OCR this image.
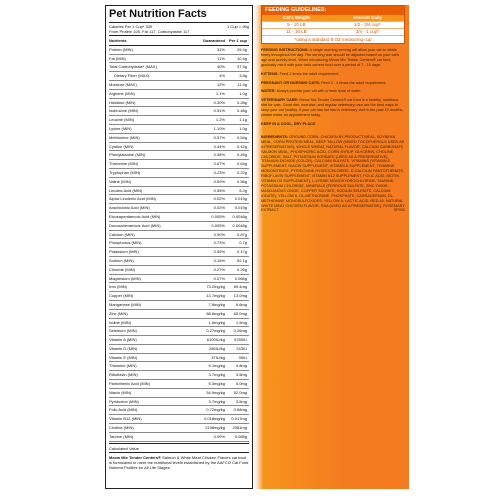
Pet Nutrition Facts
Calories Per 1 Cup* 339	1 Cup = 95g
From Protein 105, Fat 117, Carbohydrate 117
Nutrients	Guaranteed Per 1 cup
Protein (MIN)	31%	29.4g
Fat (MIN)	11%	10.4g
Total Carbohydrate* (MAX)	40%	37.9g
Dietary Fiber (MAX)	4%	3.8g
Moisture (MAX)	12%	11.4g
Arginine (MIN)	1.1%	1.0g
Histidine (MIN)	0.30%	0.28g
Isoleucine (MIN)	0.51%	0.48g
Leucine (MIN)	1.2%	1.1g
Lysine (MIN)	1.10%	1.0g
Methionine (MIN)	0.57%	0.54g
Cystine (MIN)	0.44%	0.42g
Phenylalanine (MIN)	0.48%	0.45g
Threonine (MIN)	0.67%	0.64g
Tryptophan (MIN)	0.23%	0.22g
Valine (MIN)	0.59%	0.56g
Linoleic Acid (MIN)	0.55%	5.2g
Alpha Linolenic Acid (MIN)	0.02%	0.019g
Arachidonic Acid (MIN)	0.02%	0.019g
Eicosapentaenoic Acid (MIN)	0.005%	0.0048g
Docosahexaenoic Acid (MIN)	0.005%	0.0048g
Calcium (MIN)	0.90%	0.87g
Phosphorus (MIN)	0.73%	0.7g
Potassium (MIN)	0.55%	0.17g
Sodium (MIN)	0.16%	52.1g
Chloride (MIN)	0.27%	0.26g
Magnesium (MIN)	0.07%	0.066g
Iron (MIN)	73.2mg/kg	69.4mg
Copper (MIN)	13.7mg/kg	13.0mg
Manganese (MIN)	7.6mg/kg	6.6mg
Zinc (MIN)	68.8mg/kg	65.0mg
Iodine (MIN)	1.6mg/kg	1.5mg
Selenium (MIN)	0.27mg/kg	0.26mg
Vitamin A (MIN)	6100IU/kg	5780IU
Vitamin D (MIN)	256IU/kg	243IU
Vitamin E (MIN)	37IU/kg	35IU
Thiamine (MIN)	5.1mg/kg	4.8mg
Riboflavin (MIN)	3.7mg/kg	3.5mg
Pantothenic Acid (MIN)	5.3mg/kg	5.0mg
Niacin (MIN)	54.9mg/kg	52.0mg
Pyridoxine (MIN)	3.7mg/kg	3.5mg
Folic Acid (MIN)	0.72mg/kg	0.68mg
Vitamin B12 (MIN)	0.018mg/kg	0.017mg
Choline (MIN)	2196mg/kg	2081mg
Taurine (MIN)	0.09%	0.085g
Calculated Value
Meow Mix Tender Centers® Salmon & White Meat Chicken Flavors cat food is formulated to meet the nutritional levels established by the AAFCO Cat Food Nutrient Profiles for All Life Stages.
FEEDING GUIDELINES:
Cat's Weight	Amount Daily
5 - 10 LB	1/2 - 3/4 cup*
11 - 16 LB	3/4 - 1 cup*
*using a standard 8 OZ measuring cup
FEEDING INSTRUCTIONS: A single morning serving will allow your cat to nibble freely throughout the day. The serving size should be adjusted based on your cat's age and activity level. When introducing Meow Mix Tender Centers® cat food, gradually mix it with your cat's current food over a period of 7 - 10 days.
KITTENS: Feed 2 times the adult requirement.
PREGNANT OR NURSING CATS: Feed 2 - 4 times the adult requirement.
WATER: Always provide your cat with a fresh bowl of water.
VETERINARY CARE: Meow Mix Tender Centers® cat food is a healthy, nutritious diet for cats. Good diet, exercise, and regular veterinary care are the best ways to keep your cat healthy. If your cat has not had a veterinary visit in the past 12 months, please make an appointment today.
KEEP IN A COOL, DRY PLACE
INGREDIENTS: GROUND CORN, CHICKEN BY-PRODUCT MEAL, SOYBEAN MEAL, CORN PROTEIN MEAL, BEEF TALLOW (MIXED TOCOPHEROLS USED AS A PRESERVATIVE), WHOLE WHEAT, NATURAL FLAVOR, CALCIUM CARBONATE, SALMON MEAL, PHOSPHORIC ACID, CORN SYRUP, GLYCERIN, CHOLINE CHLORIDE, SALT, POTASSIUM SORBATE (USED AS A PRESERVATIVE), TITANIUM DIOXIDE (COLOR), CALCIUM SULFATE, VITAMINS (VITAMIN E SUPPLEMENT, NIACIN SUPPLEMENT, VITAMIN A SUPPLEMENT, THIAMINE MONONITRATE, PYRIDOXINE HYDROCHLORIDE, D-CALCIUM PANTOTHENATE, RIBOFLAVIN SUPPLEMENT, VITAMIN B12 SUPPLEMENT, FOLIC ACID, BIOTIN, VITAMIN D3 SUPPLEMENT), L-LYSINE MONOHYDROCHLORIDE, TAURINE, POTASSIUM CHLORIDE, MINERALS (FERROUS SULFATE, ZINC OXIDE, MANGANOUS OXIDE, COPPER SULFATE, SODIUM SELENITE, CALCIUM IODATE), YELLOW 6, DL-METHIONINE, PHOSPHATE, CARRAGEENAN, DL-METHIONINE MONOSULFOXIDES, YELLOW 5, LACTIC ACID, RED 40, NATURAL WHITE MEAT CHICKEN FLAVOR, RAA (USED AS A PRESERVATIVE), ROSEMARY EXTRACT.	SP001
